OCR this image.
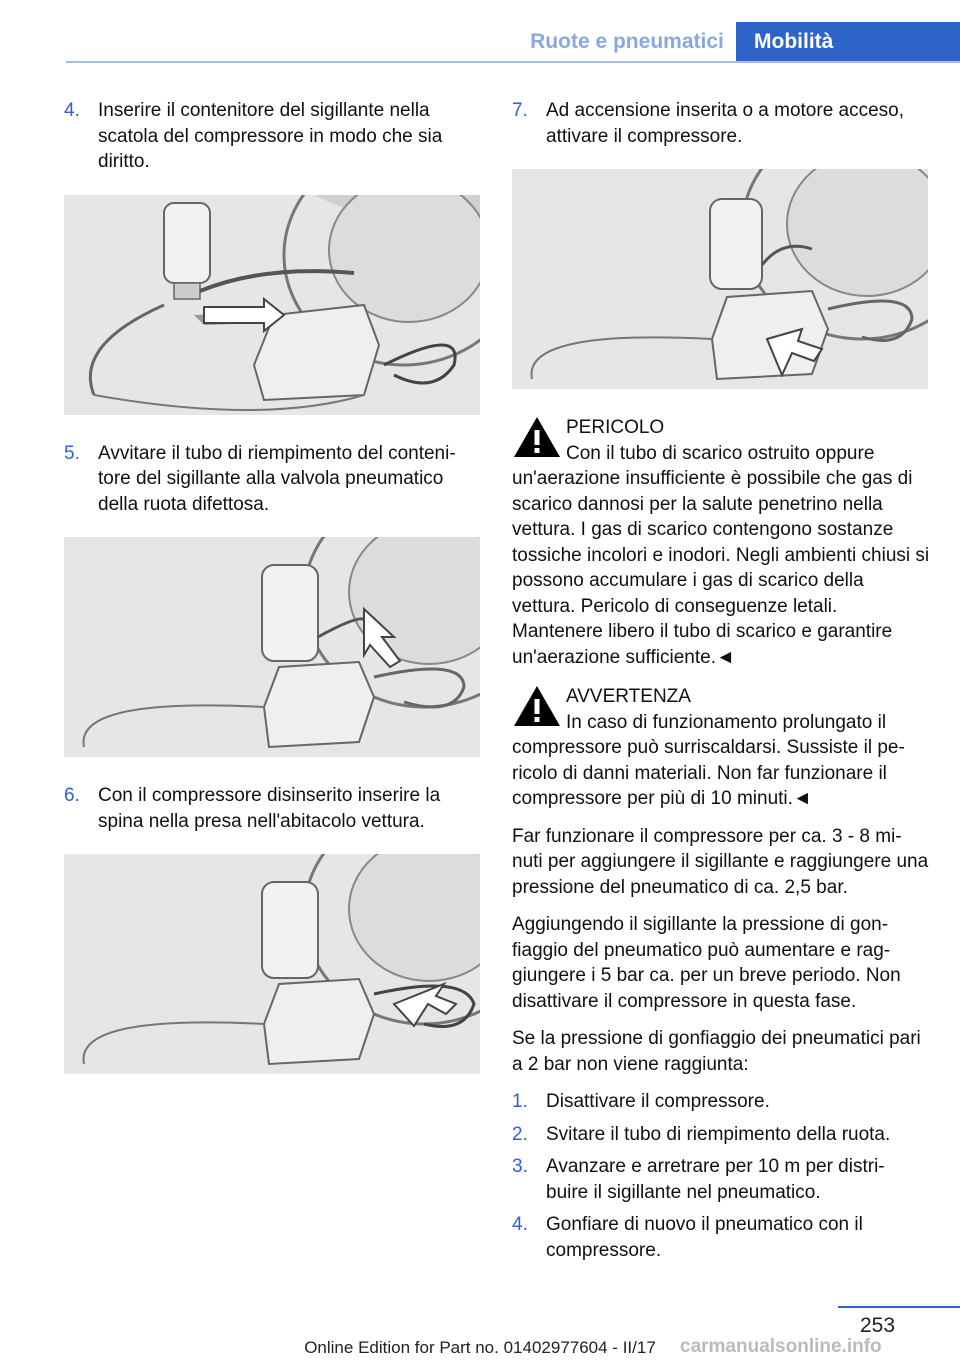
Ruote e pneumatici	Mobilità
4. Inserire il contenitore del sigillante nella scatola del compressore in modo che sia diritto.
5. Avvitare il tubo di riempimento del conteni‐ tore del sigillante alla valvola pneumatico della ruota difettosa.
6. Con il compressore disinserito inserire la spina nella presa nell'abitacolo vettura.
7. Ad accensione inserita o a motore acceso, attivare il compressore.
PERICOLO
Con il tubo di scarico ostruito oppure
un'aerazione insufficiente è possibile che gas di scarico dannosi per la salute penetrino nella vettura. I gas di scarico contengono sostanze tossiche incolori e inodori. Negli ambienti chiusi si possono accumulare i gas di scarico della vettura. Pericolo di conseguenze letali. Mantenere libero il tubo di scarico e garantire un'aerazione sufficiente.◄
AVVERTENZA
In caso di funzionamento prolungato il
compressore può surriscaldarsi. Sussiste il pe‐ ricolo di danni materiali. Non far funzionare il compressore per più di 10 minuti.◄

Far funzionare il compressore per ca. 3 - 8 mi‐ nuti per aggiungere il sigillante e raggiungere una pressione del pneumatico di ca. 2,5 bar.

Aggiungendo il sigillante la pressione di gon‐ fiaggio del pneumatico può aumentare e rag‐ giungere i 5 bar ca. per un breve periodo. Non disattivare il compressore in questa fase.

Se la pressione di gonfiaggio dei pneumatici pari a 2 bar non viene raggiunta:

1. Disattivare il compressore.
2. Svitare il tubo di riempimento della ruota.
3. Avanzare e arretrare per 10 m per distri‐ buire il sigillante nel pneumatico.
4. Gonfiare di nuovo il pneumatico con il compressore.
253
Online Edition for Part no. 01402977604 - II/17	carmanualsonline.info
